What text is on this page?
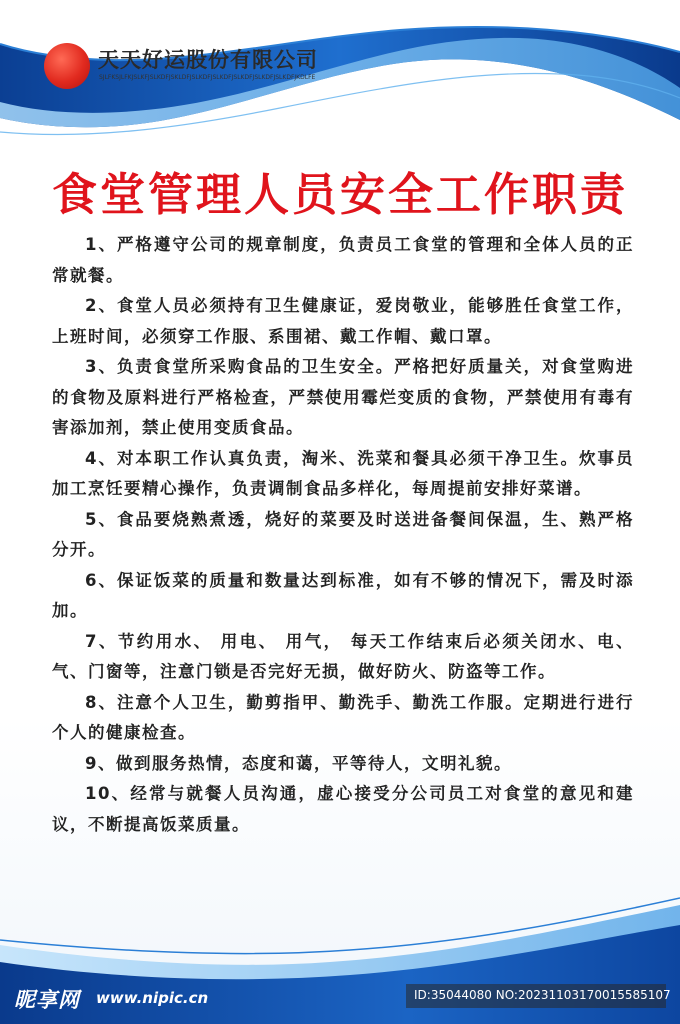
天天好运股份有限公司
SJLFKSJLFKJSLKFJSLKDFJSKLDFJSLKDFJSLKDFJSLKDFJSLKDFJSLKDFJKDLFE
食堂管理人员安全工作职责

1、严格遵守公司的规章制度，负责员工食堂的管理和全体人员的正常就餐。

2、食堂人员必须持有卫生健康证，爱岗敬业，能够胜任食堂工作，上班时间，必须穿工作服、系围裙、戴工作帽、戴口罩。

3、负责食堂所采购食品的卫生安全。严格把好质量关，对食堂购进的食物及原料进行严格检查，严禁使用霉烂变质的食物，严禁使用有毒有害添加剂，禁止使用变质食品。

4、对本职工作认真负责，淘米、洗菜和餐具必须干净卫生。炊事员加工烹饪要精心操作，负责调制食品多样化，每周提前安排好菜谱。

5、食品要烧熟煮透，烧好的菜要及时送进备餐间保温，生、熟严格分开。

6、保证饭菜的质量和数量达到标准，如有不够的情况下，需及时添加。

7、节约用水、 用电、 用气， 每天工作结束后必须关闭水、电、气、门窗等，注意门锁是否完好无损，做好防火、防盗等工作。

8、注意个人卫生，勤剪指甲、勤洗手、勤洗工作服。定期进行进行个人的健康检查。

9、做到服务热情，态度和蔼，平等待人，文明礼貌。

10、经常与就餐人员沟通，虚心接受分公司员工对食堂的意见和建议，不断提高饭菜质量。

昵享网 www.nipic.cn	ID:35044080 NO:20231103170015585107
